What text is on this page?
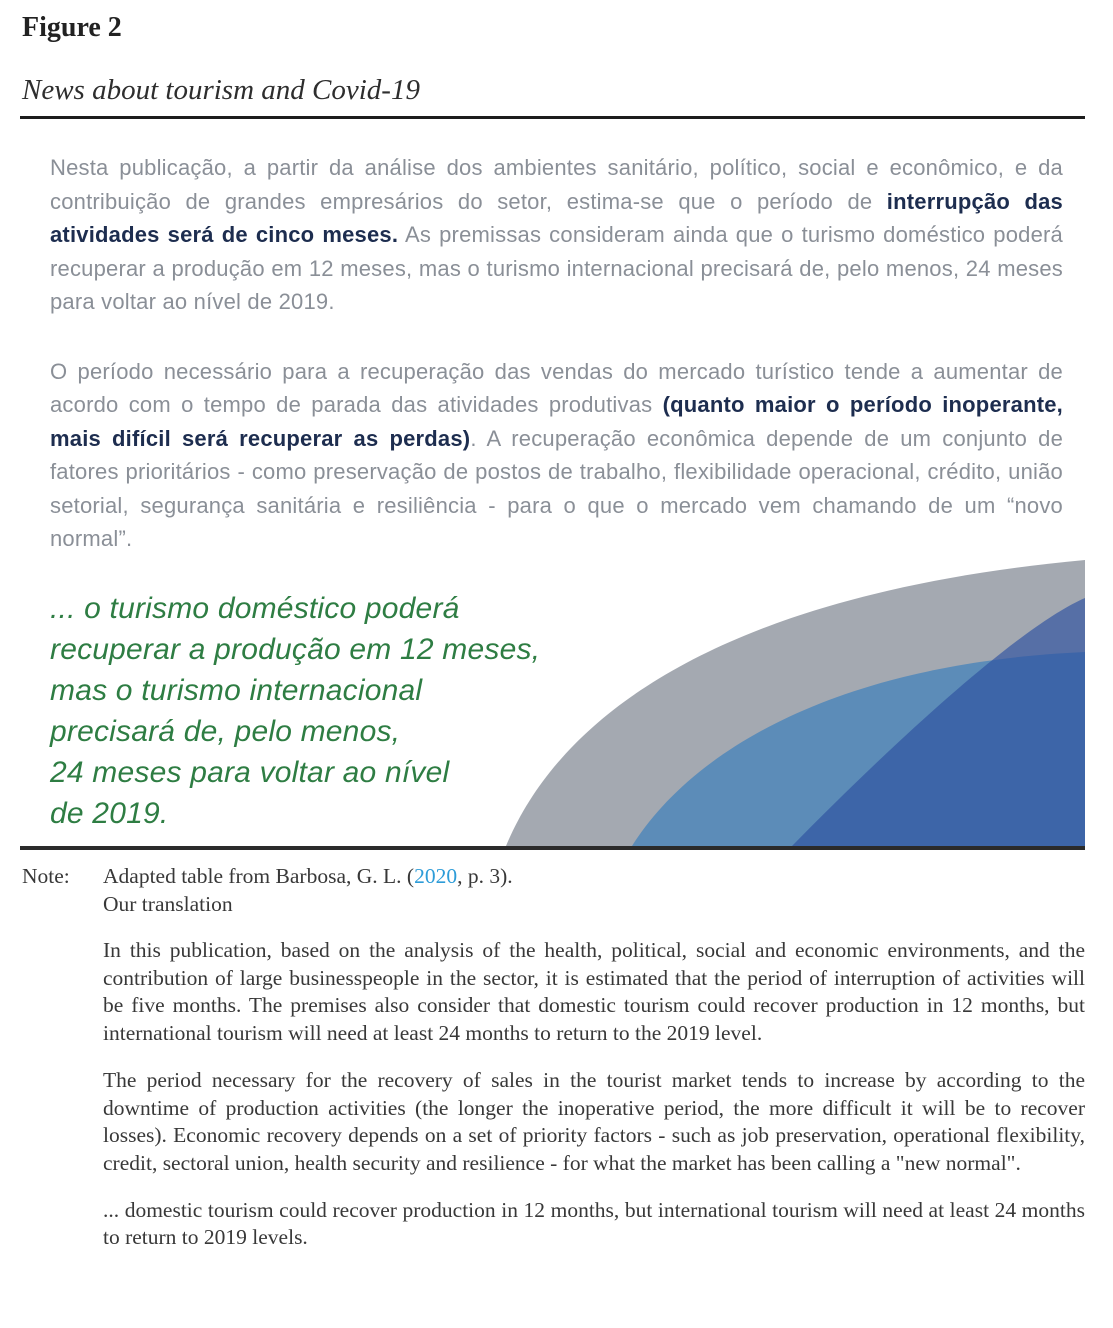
Figure 2
News about tourism and Covid-19

Nesta publicação, a partir da análise dos ambientes sanitário, político, social e econômico, e da contribuição de grandes empresários do setor, estima-se que o período de interrupção das atividades será de cinco meses. As premissas consideram ainda que o turismo doméstico poderá recuperar a produção em 12 meses, mas o turismo internacional precisará de, pelo menos, 24 meses para voltar ao nível de 2019.

O período necessário para a recuperação das vendas do mercado turístico tende a aumentar de acordo com o tempo de parada das atividades produtivas (quanto maior o período inoperante, mais difícil será recuperar as perdas). A recuperação econômica depende de um conjunto de fatores prioritários - como preservação de postos de trabalho, flexibilidade operacional, crédito, união setorial, segurança sanitária e resiliência - para o que o mercado vem chamando de um “novo normal”.

... o turismo doméstico poderá
recuperar a produção em 12 meses,
mas o turismo internacional
precisará de, pelo menos,
24 meses para voltar ao nível
de 2019.
Note:	Adapted table from Barbosa, G. L. (2020, p. 3).
Our translation

In this publication, based on the analysis of the health, political, social and economic environments, and the contribution of large businesspeople in the sector, it is estimated that the period of interruption of activities will be five months. The premises also consider that domestic tourism could recover production in 12 months, but international tourism will need at least 24 months to return to the 2019 level.

The period necessary for the recovery of sales in the tourist market tends to increase by according to the downtime of production activities (the longer the inoperative period, the more difficult it will be to recover losses). Economic recovery depends on a set of priority factors - such as job preservation, operational flexibility, credit, sectoral union, health security and resilience - for what the market has been calling a "new normal".

... domestic tourism could recover production in 12 months, but international tourism will need at least 24 months to return to 2019 levels.
